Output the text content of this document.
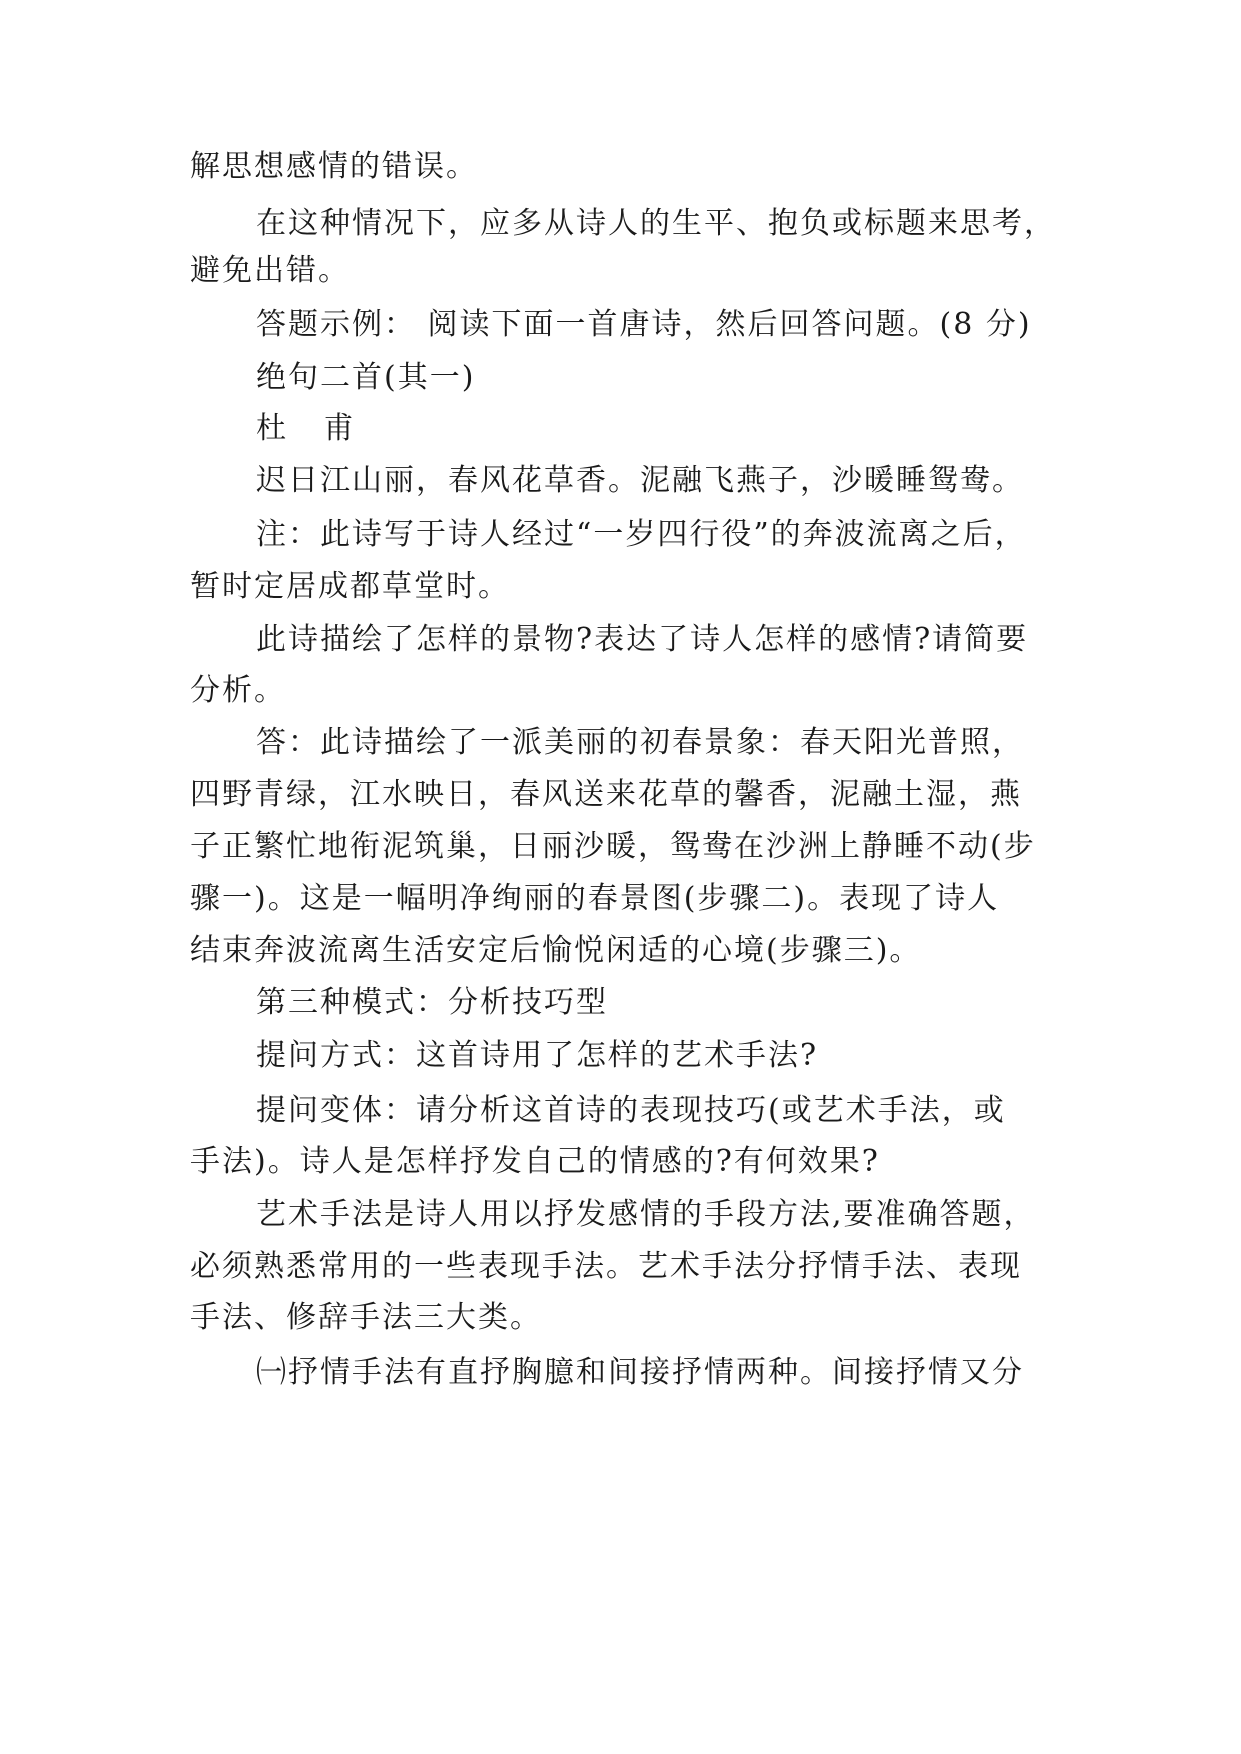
解思想感情的错误。
在这种情况下，应多从诗人的生平、抱负或标题来思考，
避免出错。
答题示例： 阅读下面一首唐诗，然后回答问题。(8 分)
绝句二首(其一)
杜 甫
迟日江山丽，春风花草香。泥融飞燕子，沙暖睡鸳鸯。
注：此诗写于诗人经过“一岁四行役”的奔波流离之后，
暂时定居成都草堂时。
此诗描绘了怎样的景物?表达了诗人怎样的感情?请简要
分析。
答：此诗描绘了一派美丽的初春景象：春天阳光普照，
四野青绿，江水映日，春风送来花草的馨香，泥融土湿，燕
子正繁忙地衔泥筑巢，日丽沙暖，鸳鸯在沙洲上静睡不动(步
骤一)。这是一幅明净绚丽的春景图(步骤二)。表现了诗人
结束奔波流离生活安定后愉悦闲适的心境(步骤三)。
第三种模式：分析技巧型
提问方式：这首诗用了怎样的艺术手法?
提问变体：请分析这首诗的表现技巧(或艺术手法，或
手法)。诗人是怎样抒发自己的情感的?有何效果?
艺术手法是诗人用以抒发感情的手段方法,要准确答题，
必须熟悉常用的一些表现手法。艺术手法分抒情手法、表现
手法、修辞手法三大类。
㈠抒情手法有直抒胸臆和间接抒情两种。间接抒情又分
